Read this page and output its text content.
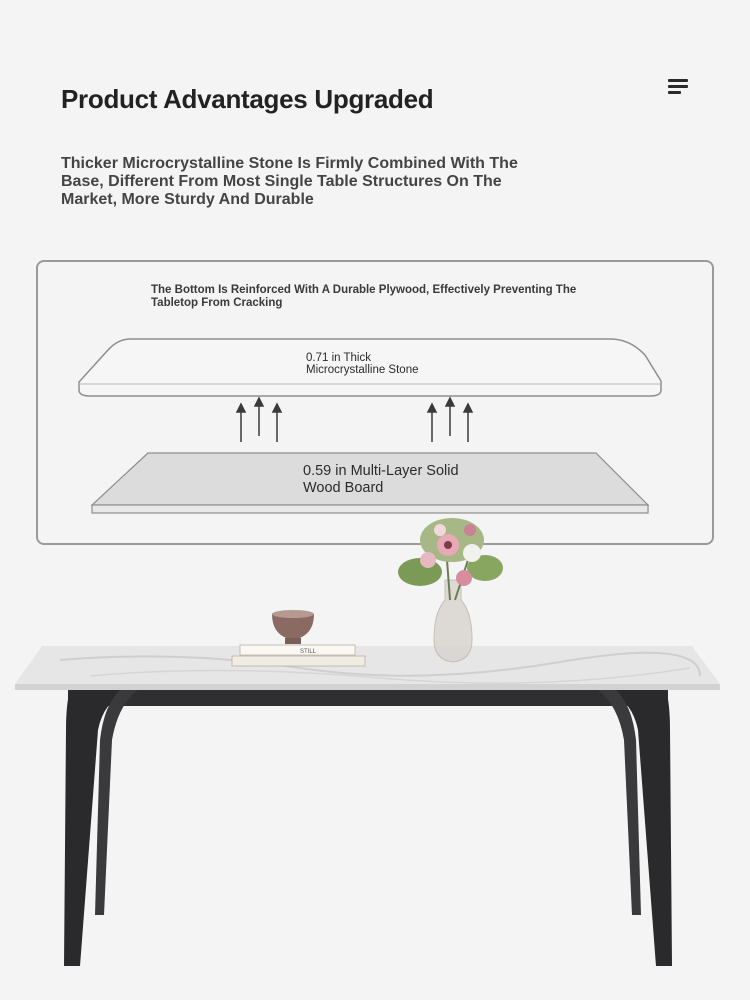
Product Advantages Upgraded
Thicker Microcrystalline Stone Is Firmly Combined With The Base, Different From Most Single Table Structures On The Market, More Sturdy And Durable
STILL
The Bottom Is Reinforced With A Durable Plywood, Effectively Preventing The Tabletop From Cracking
0.71 in Thick
Microcrystalline Stone
0.59 in Multi-Layer Solid
Wood Board
